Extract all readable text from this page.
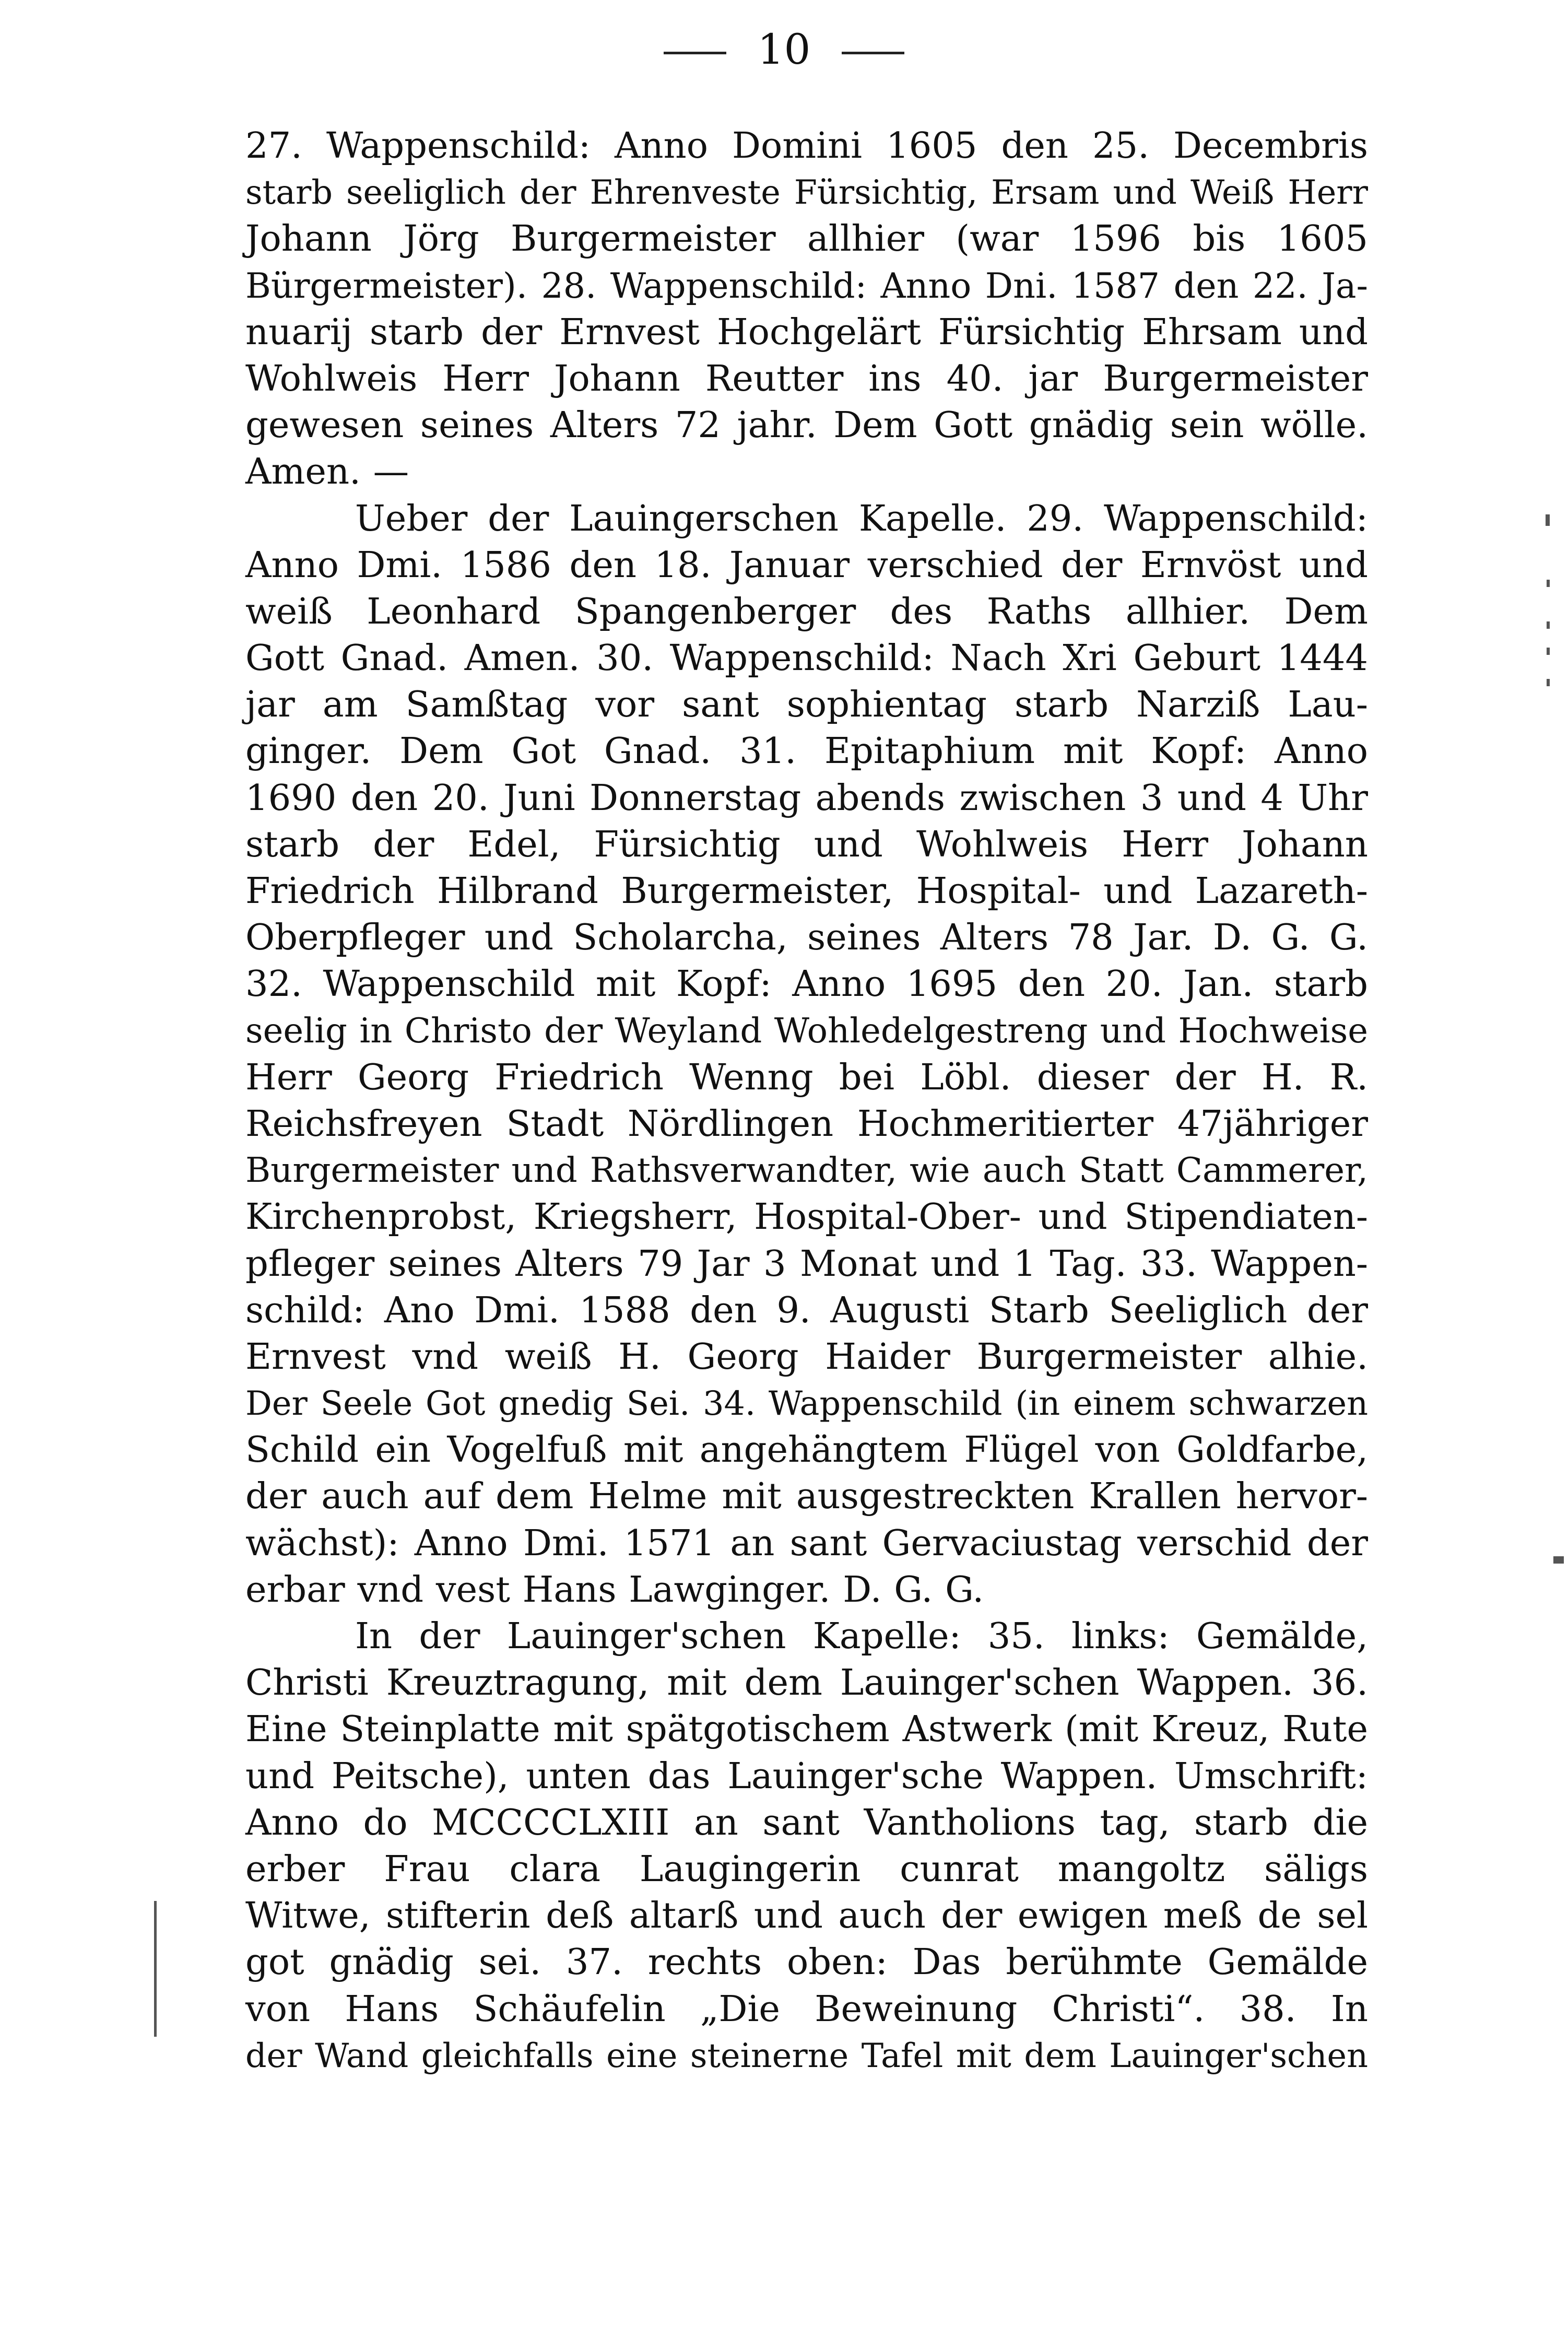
10
27. Wappenschild: Anno Domini 1605 den 25. Decembris
starb seeliglich der Ehrenveste Fürsichtig, Ersam und Weiß Herr
Johann Jörg Burgermeister allhier (war 1596 bis 1605
Bürgermeister). 28. Wappenschild: Anno Dni. 1587 den 22. Ja-
nuarij starb der Ernvest Hochgelärt Fürsichtig Ehrsam und
Wohlweis Herr Johann Reutter ins 40. jar Burgermeister
gewesen seines Alters 72 jahr. Dem Gott gnädig sein wölle.
Amen. —
Ueber der Lauingerschen Kapelle. 29. Wappenschild:
Anno Dmi. 1586 den 18. Januar verschied der Ernvöst und
weiß Leonhard Spangenberger des Raths allhier. Dem
Gott Gnad. Amen. 30. Wappenschild: Nach Xri Geburt 1444
jar am Samßtag vor sant sophientag starb Narziß Lau-
ginger. Dem Got Gnad. 31. Epitaphium mit Kopf: Anno
1690 den 20. Juni Donnerstag abends zwischen 3 und 4 Uhr
starb der Edel, Fürsichtig und Wohlweis Herr Johann
Friedrich Hilbrand Burgermeister, Hospital- und Lazareth-
Oberpfleger und Scholarcha, seines Alters 78 Jar. D. G. G.
32. Wappenschild mit Kopf: Anno 1695 den 20. Jan. starb
seelig in Christo der Weyland Wohledelgestreng und Hochweise
Herr Georg Friedrich Wenng bei Löbl. dieser der H. R.
Reichsfreyen Stadt Nördlingen Hochmeritierter 47jähriger
Burgermeister und Rathsverwandter, wie auch Statt Cammerer,
Kirchenprobst, Kriegsherr, Hospital-Ober- und Stipendiaten-
pfleger seines Alters 79 Jar 3 Monat und 1 Tag. 33. Wappen-
schild: Ano Dmi. 1588 den 9. Augusti Starb Seeliglich der
Ernvest vnd weiß H. Georg Haider Burgermeister alhie.
Der Seele Got gnedig Sei. 34. Wappenschild (in einem schwarzen
Schild ein Vogelfuß mit angehängtem Flügel von Goldfarbe,
der auch auf dem Helme mit ausgestreckten Krallen hervor-
wächst): Anno Dmi. 1571 an sant Gervaciustag verschid der
erbar vnd vest Hans Lawginger. D. G. G.
In der Lauinger'schen Kapelle: 35. links: Gemälde,
Christi Kreuztragung, mit dem Lauinger'schen Wappen. 36.
Eine Steinplatte mit spätgotischem Astwerk (mit Kreuz, Rute
und Peitsche), unten das Lauinger'sche Wappen. Umschrift:
Anno do MCCCCLXIII an sant Vantholions tag, starb die
erber Frau clara Laugingerin cunrat mangoltz säligs
Witwe, stifterin deß altarß und auch der ewigen meß de sel
got gnädig sei. 37. rechts oben: Das berühmte Gemälde
von Hans Schäufelin „Die Beweinung Christi“. 38. In
der Wand gleichfalls eine steinerne Tafel mit dem Lauinger'schen
